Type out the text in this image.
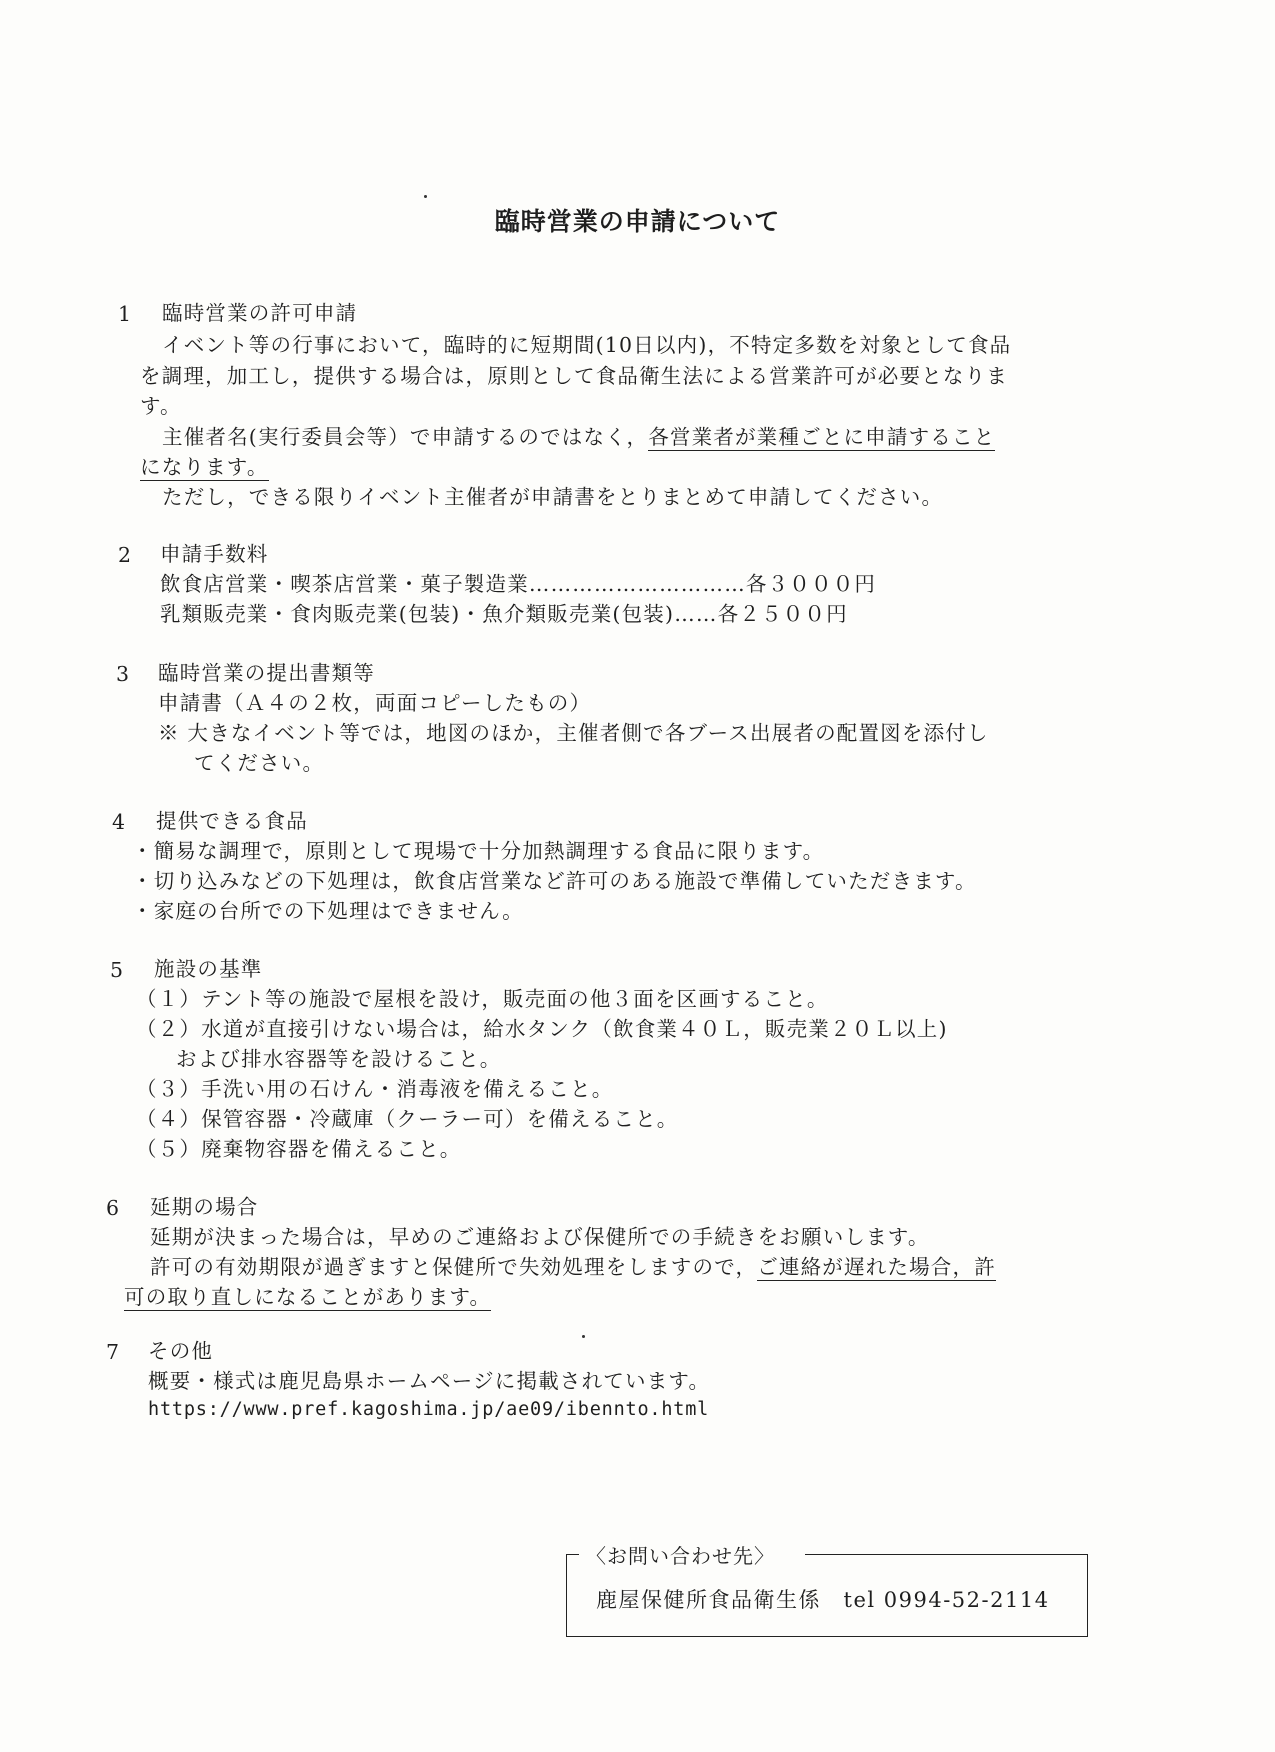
臨時営業の申請について
1 臨時営業の許可申請
イベント等の行事において，臨時的に短期間(10日以内)，不特定多数を対象として食品
を調理，加工し，提供する場合は，原則として食品衛生法による営業許可が必要となりま
す。
主催者名(実行委員会等）で申請するのではなく，各営業者が業種ごとに申請すること
になります。
ただし，できる限りイベント主催者が申請書をとりまとめて申請してください。
2 申請手数料
飲食店営業・喫茶店営業・菓子製造業…………………………各３０００円
乳類販売業・食肉販売業(包装)・魚介類販売業(包装)……各２５００円
3 臨時営業の提出書類等
申請書（Ａ４の２枚，両面コピーしたもの）
※ 大きなイベント等では，地図のほか，主催者側で各ブース出展者の配置図を添付し
てください。
4 提供できる食品
・簡易な調理で，原則として現場で十分加熱調理する食品に限ります。
・切り込みなどの下処理は，飲食店営業など許可のある施設で準備していただきます。
・家庭の台所での下処理はできません。
5 施設の基準
（１）テント等の施設で屋根を設け，販売面の他３面を区画すること。
（２）水道が直接引けない場合は，給水タンク（飲食業４０Ｌ，販売業２０Ｌ以上)
および排水容器等を設けること。
（３）手洗い用の石けん・消毒液を備えること。
（４）保管容器・冷蔵庫（クーラー可）を備えること。
（５）廃棄物容器を備えること。
6 延期の場合
延期が決まった場合は，早めのご連絡および保健所での手続きをお願いします。
許可の有効期限が過ぎますと保健所で失効処理をしますので，ご連絡が遅れた場合，許
可の取り直しになることがあります。
7 その他
概要・様式は鹿児島県ホームページに掲載されています。
https://www.pref.kagoshima.jp/ae09/ibennto.html
〈お問い合わせ先〉
鹿屋保健所食品衛生係　tel 0994-52-2114
